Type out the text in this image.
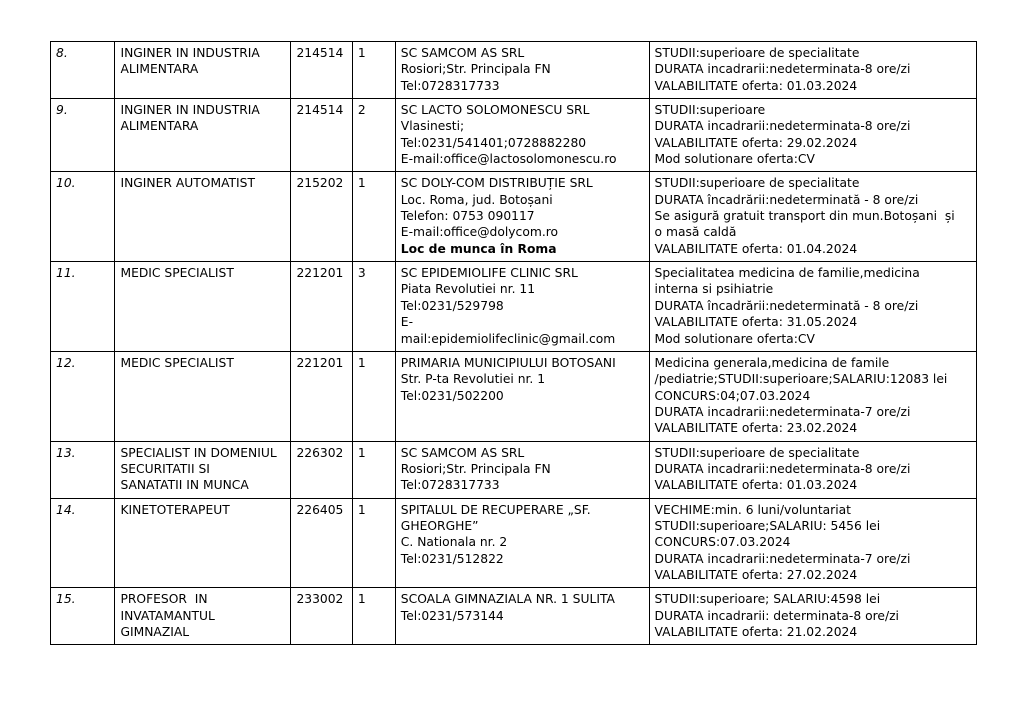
8.	INGINER IN INDUSTRIA
ALIMENTARA	214514	1	SC SAMCOM AS SRL
Rosiori;Str. Principala FN
Tel:0728317733	STUDII:superioare de specialitate
DURATA incadrarii:nedeterminata-8 ore/zi
VALABILITATE oferta: 01.03.2024

9.	INGINER IN INDUSTRIA
ALIMENTARA	214514	2	SC LACTO SOLOMONESCU SRL
Vlasinesti;
Tel:0231/541401;0728882280
E-mail:office@lactosolomonescu.ro	STUDII:superioare
DURATA incadrarii:nedeterminata-8 ore/zi
VALABILITATE oferta: 29.02.2024
Mod solutionare oferta:CV

10.	INGINER AUTOMATIST	215202	1	SC DOLY-COM DISTRIBUȚIE SRL
Loc. Roma, jud. Botoșani
Telefon: 0753 090117
E-mail:office@dolycom.ro
Loc de munca în Roma	STUDII:superioare de specialitate
DURATA încadrării:nedeterminată - 8 ore/zi
Se asigură gratuit transport din mun.Botoșani  și
o masă caldă
VALABILITATE oferta: 01.04.2024

11.	MEDIC SPECIALIST	221201	3	SC EPIDEMIOLIFE CLINIC SRL
Piata Revolutiei nr. 11
Tel:0231/529798
E-
mail:epidemiolifeclinic@gmail.com	Specialitatea medicina de familie,medicina
interna si psihiatrie
DURATA încadrării:nedeterminată - 8 ore/zi
VALABILITATE oferta: 31.05.2024
Mod solutionare oferta:CV

12.	MEDIC SPECIALIST	221201	1	PRIMARIA MUNICIPIULUI BOTOSANI
Str. P-ta Revolutiei nr. 1
Tel:0231/502200	Medicina generala,medicina de famile
/pediatrie;STUDII:superioare;SALARIU:12083 lei
CONCURS:04;07.03.2024
DURATA incadrarii:nedeterminata-7 ore/zi
VALABILITATE oferta: 23.02.2024

13.	SPECIALIST IN DOMENIUL
SECURITATII SI
SANATATII IN MUNCA	226302	1	SC SAMCOM AS SRL
Rosiori;Str. Principala FN
Tel:0728317733	STUDII:superioare de specialitate
DURATA incadrarii:nedeterminata-8 ore/zi
VALABILITATE oferta: 01.03.2024

14.	KINETOTERAPEUT	226405	1	SPITALUL DE RECUPERARE „SF.
GHEORGHE”
C. Nationala nr. 2
Tel:0231/512822	VECHIME:min. 6 luni/voluntariat
STUDII:superioare;SALARIU: 5456 lei
CONCURS:07.03.2024
DURATA incadrarii:nedeterminata-7 ore/zi
VALABILITATE oferta: 27.02.2024

15.	PROFESOR  IN
INVATAMANTUL
GIMNAZIAL	233002	1	SCOALA GIMNAZIALA NR. 1 SULITA
Tel:0231/573144	STUDII:superioare; SALARIU:4598 lei
DURATA incadrarii: determinata-8 ore/zi
VALABILITATE oferta: 21.02.2024
